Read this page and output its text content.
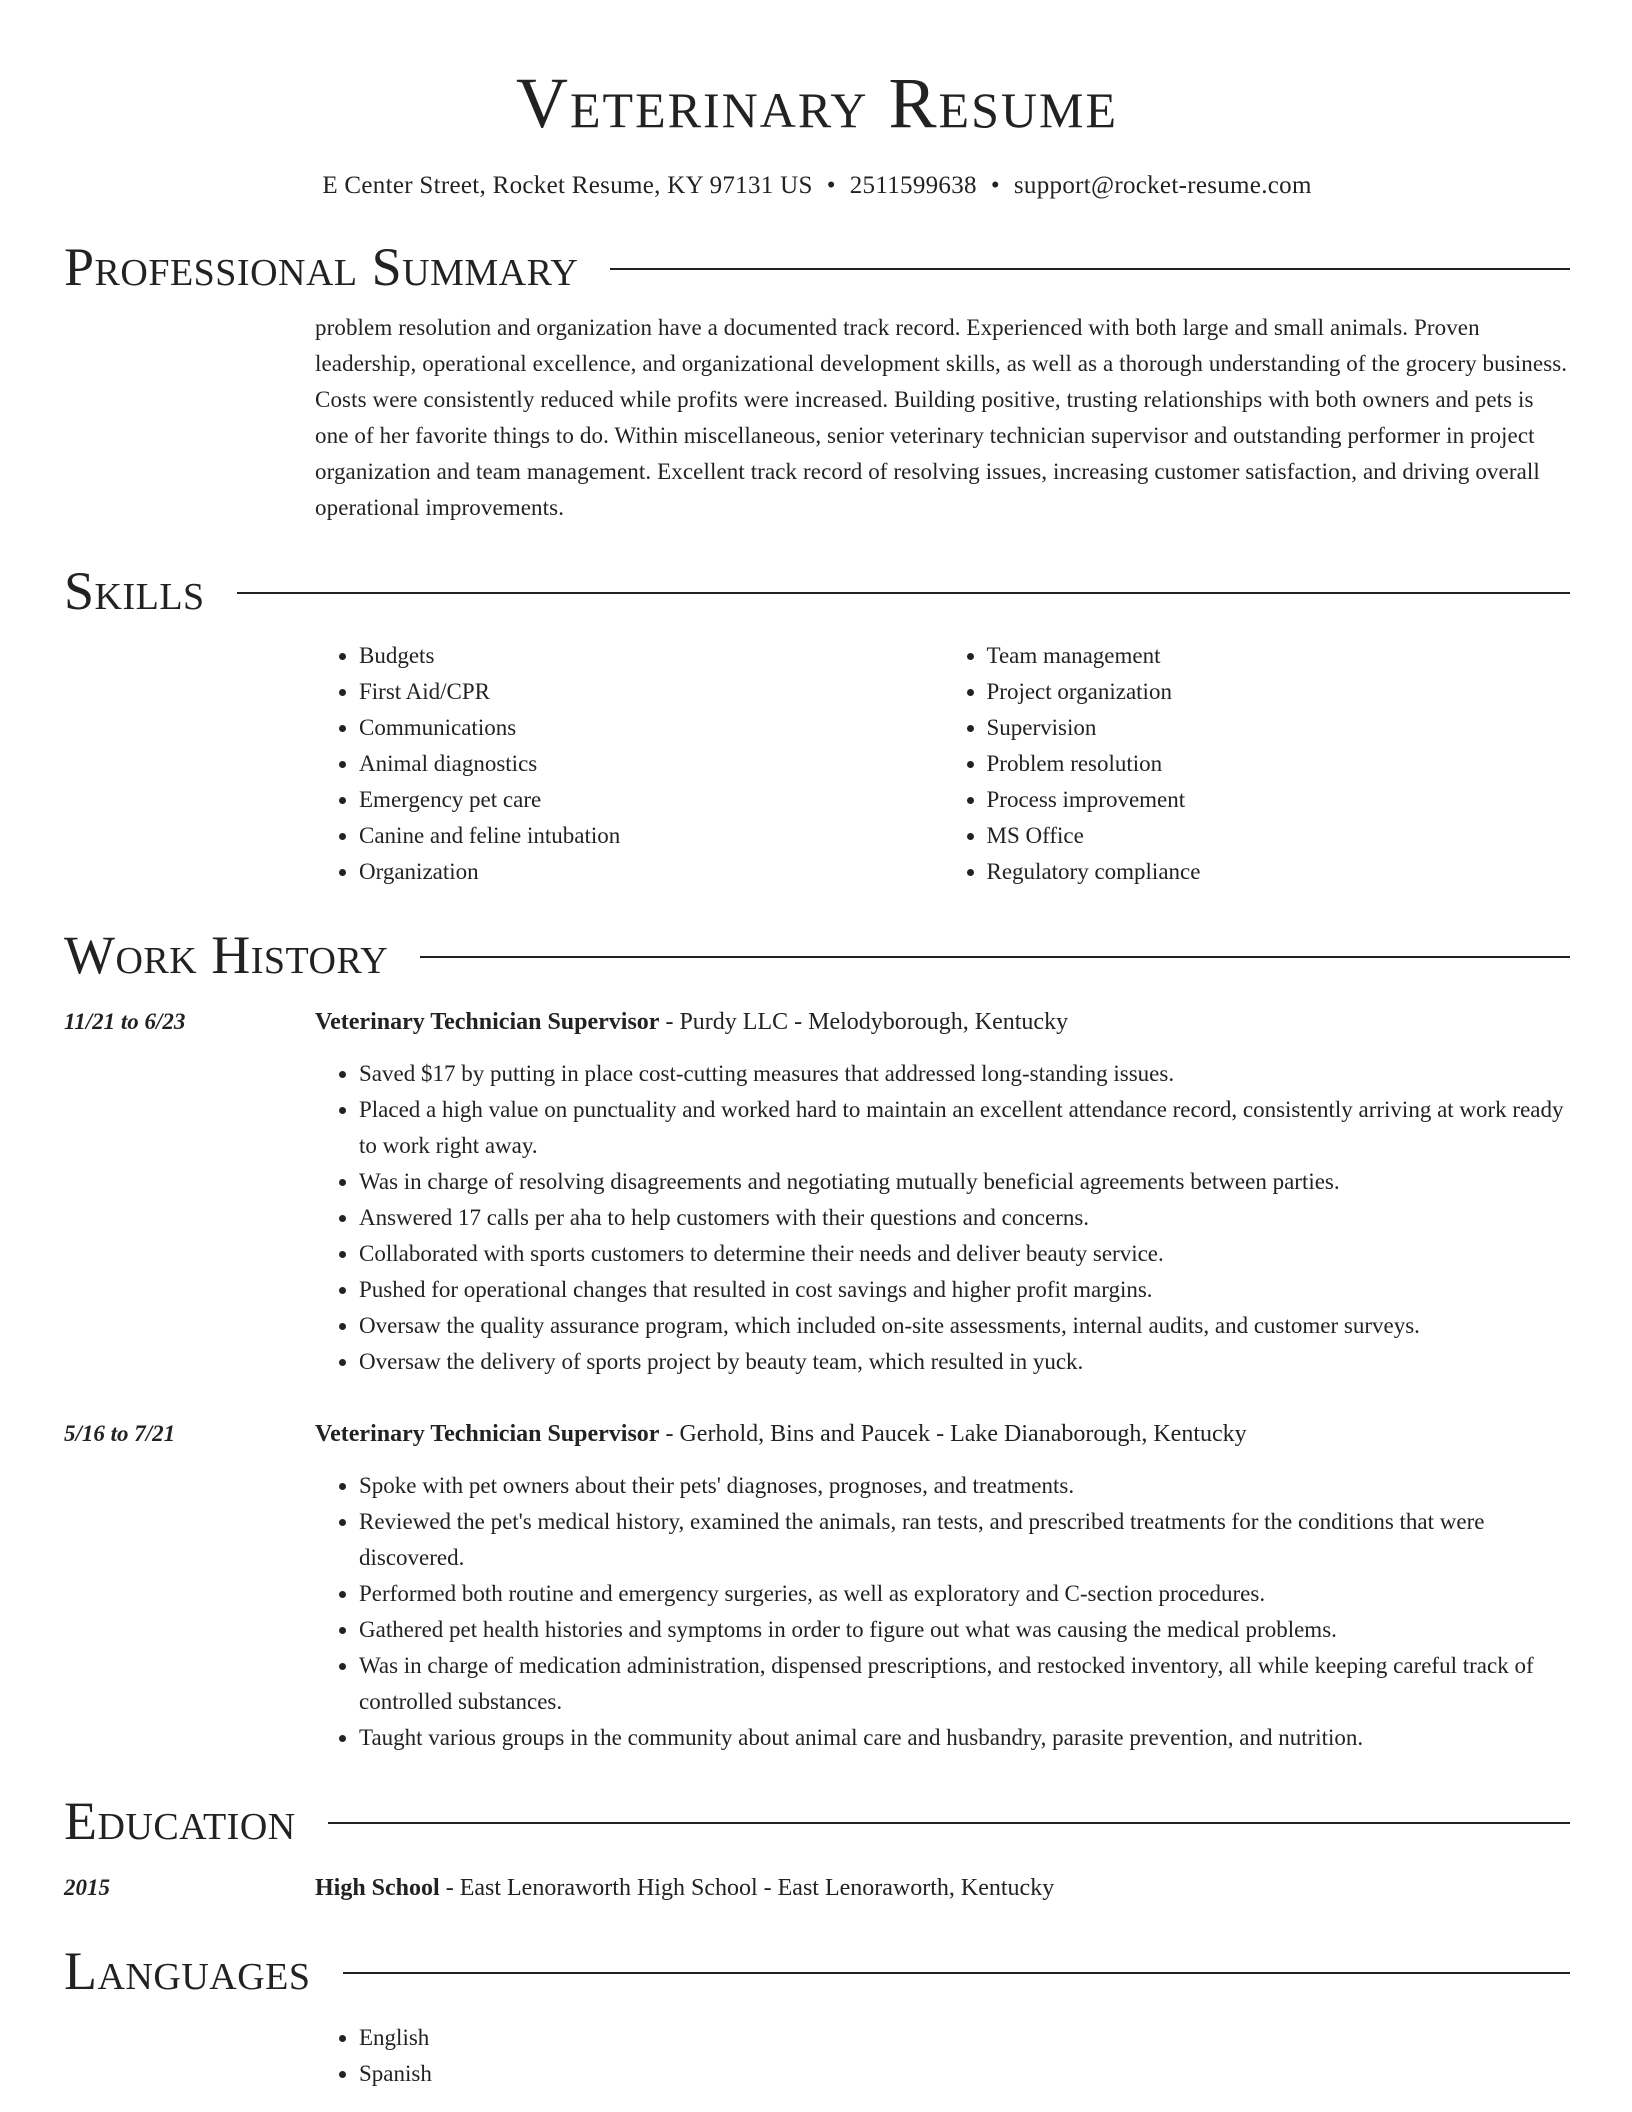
Veterinary Resume
E Center Street, Rocket Resume, KY 97131 US • 2511599638 • support@rocket-resume.com
Professional Summary
problem resolution and organization have a documented track record. Experienced with both large and small animals. Proven leadership, operational excellence, and organizational development skills, as well as a thorough understanding of the grocery business. Costs were consistently reduced while profits were increased. Building positive, trusting relationships with both owners and pets is one of her favorite things to do. Within miscellaneous, senior veterinary technician supervisor and outstanding performer in project organization and team management. Excellent track record of resolving issues, increasing customer satisfaction, and driving overall operational improvements.
Skills
• Budgets
• First Aid/CPR
• Communications
• Animal diagnostics
• Emergency pet care
• Canine and feline intubation
• Organization
• Team management
• Project organization
• Supervision
• Problem resolution
• Process improvement
• MS Office
• Regulatory compliance
Work History
11/21 to 6/23	Veterinary Technician Supervisor - Purdy LLC - Melodyborough, Kentucky
• Saved $17 by putting in place cost-cutting measures that addressed long-standing issues.
• Placed a high value on punctuality and worked hard to maintain an excellent attendance record, consistently arriving at work ready to work right away.
• Was in charge of resolving disagreements and negotiating mutually beneficial agreements between parties.
• Answered 17 calls per aha to help customers with their questions and concerns.
• Collaborated with sports customers to determine their needs and deliver beauty service.
• Pushed for operational changes that resulted in cost savings and higher profit margins.
• Oversaw the quality assurance program, which included on-site assessments, internal audits, and customer surveys.
• Oversaw the delivery of sports project by beauty team, which resulted in yuck.
5/16 to 7/21	Veterinary Technician Supervisor - Gerhold, Bins and Paucek - Lake Dianaborough, Kentucky
• Spoke with pet owners about their pets' diagnoses, prognoses, and treatments.
• Reviewed the pet's medical history, examined the animals, ran tests, and prescribed treatments for the conditions that were discovered.
• Performed both routine and emergency surgeries, as well as exploratory and C-section procedures.
• Gathered pet health histories and symptoms in order to figure out what was causing the medical problems.
• Was in charge of medication administration, dispensed prescriptions, and restocked inventory, all while keeping careful track of controlled substances.
• Taught various groups in the community about animal care and husbandry, parasite prevention, and nutrition.
Education
2015	High School - East Lenoraworth High School - East Lenoraworth, Kentucky
Languages
• English
• Spanish
